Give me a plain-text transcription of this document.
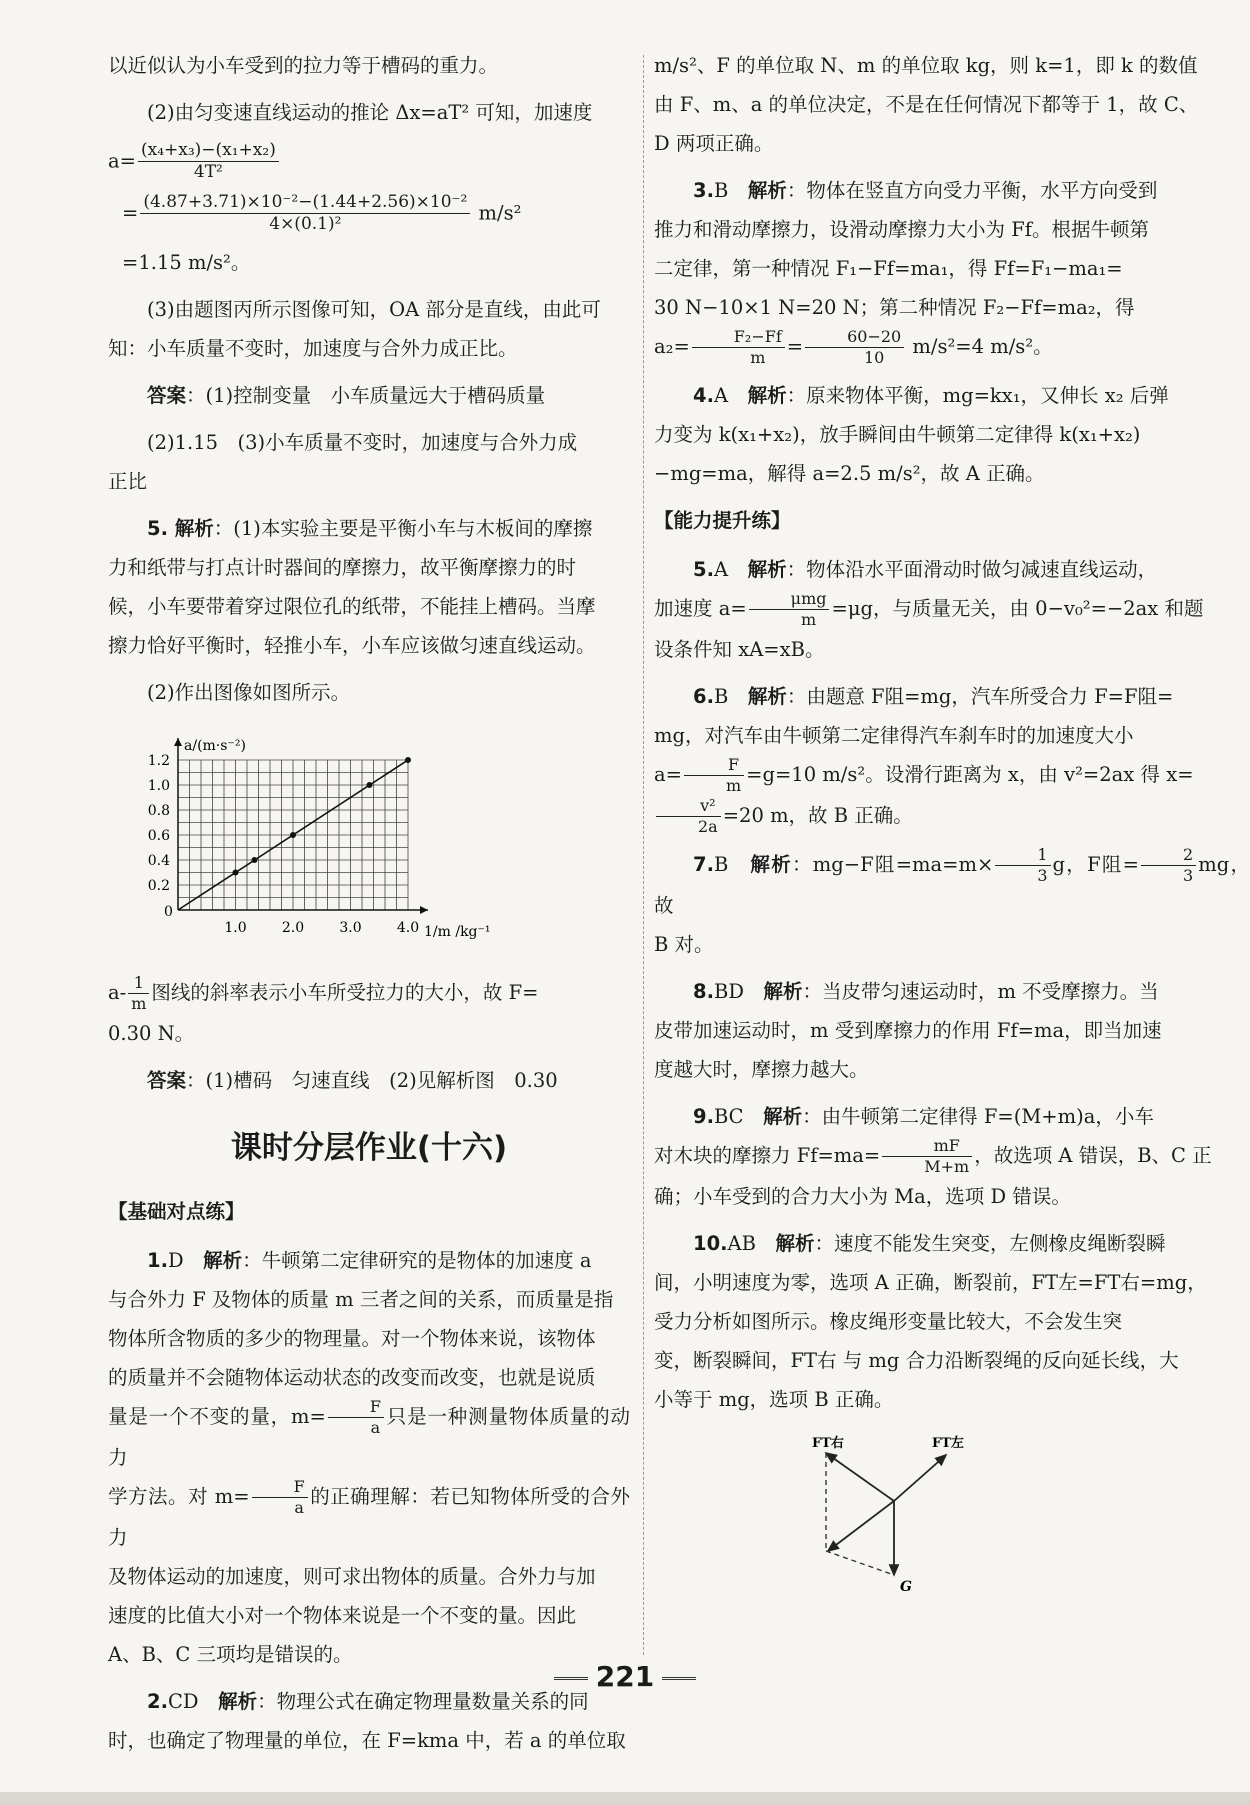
以近似认为小车受到的拉力等于槽码的重力。

(2)由匀变速直线运动的推论 Δx=aT² 可知，加速度

$a= \frac{\text{(x₄+x₃)−(x₁+x₂)}}{\text{4T²}}$

= $\frac{\text{(4.87+3.71)×10⁻²−(1.44+2.56)×10⁻²}}{\text{4×(0.1)²}} m/s^2$

=1.15 m/s²。

(3)由题图丙所示图像可知，OA 部分是直线，由此可
知：小车质量不变时，加速度与合外力成正比。

答案：(1)控制变量　小车质量远大于槽码质量

(2)1.15　(3)小车质量不变时，加速度与合外力成

正比

5. 解析：(1)本实验主要是平衡小车与木板间的摩擦
力和纸带与打点计时器间的摩擦力，故平衡摩擦力的时
候，小车要带着穿过限位孔的纸带，不能挂上槽码。当摩
擦力恰好平衡时，轻推小车，小车应该做匀速直线运动。

(2)作出图像如图所示。

a/(m·s⁻²)
1/m /kg⁻¹
0
0.2
0.4
0.6
0.8
1.0
1.2
1.0	2.0	3.0	4.0

$a- \frac{1}{m}$ 图线的斜率表示小车所受拉力的大小，故 F=
0.30 N。

答案：(1)槽码　匀速直线　(2)见解析图　0.30

课时分层作业(十六)
【基础对点练】

1.D　 解析：牛顿第二定律研究的是物体的加速度 a
与合外力 F 及物体的质量 m 三者之间的关系，而质量是指
物体所含物质的多少的物理量。对一个物体来说，该物体
的质量并不会随物体运动状态的改变而改变，也就是说质
量是一个不变的量，$m= \frac{F}{a}$ 只是一种测量物体质量的动力
学方法。对 $m= \frac{F}{a}$ 的正确理解：若已知物体所受的合外力
及物体运动的加速度，则可求出物体的质量。合外力与加
速度的比值大小对一个物体来说是一个不变的量。因此
A、B、C 三项均是错误的。

2.CD　 解析：物理公式在确定物理量数量关系的同
时，也确定了物理量的单位，在 F=kma 中，若 a 的单位取

m/s²、F 的单位取 N、m 的单位取 kg，则 k=1，即 k 的数值
由 F、m、a 的单位决定，不是在任何情况下都等于 1，故 C、
D 两项正确。

3.B　 解析：物体在竖直方向受力平衡，水平方向受到
推力和滑动摩擦力，设滑动摩擦力大小为 Ff。根据牛顿第
二定律，第一种情况 F₁−Ff=ma₁，得 Ff=F₁−ma₁=
30 N−10×1 N=20 N；第二种情况 F₂−Ff=ma₂，得
$a_2= \frac{\text{F₂−Ff}}{m} = \frac{60-20}{10} m/s^2=4$ m/s²。

4.A　 解析：原来物体平衡，mg=kx₁，又伸长 x₂ 后弹
力变为 k(x₁+x₂)，放手瞬间由牛顿第二定律得 k(x₁+x₂)
−mg=ma，解得 a=2.5 m/s²，故 A 正确。

【能力提升练】

5.A　 解析：物体沿水平面滑动时做匀减速直线运动，
加速度 $a= \frac{\text{μmg}}{m} =\mu g$，与质量无关，由 0−v₀²=−2ax 和题
设条件知 xA=xB。

6.B　 解析：由题意 F阻=mg，汽车所受合力 F=F阻=
mg，对汽车由牛顿第二定律得汽车刹车时的加速度大小
$a= \frac{F}{m} =g=10$ m/s²。设滑行距离为 x，由 v²=2ax 得 x=

$\frac{\text{v²}}{2a} =20$ m，故 B 正确。

7.B　 解析：mg−F阻$=ma=m\times \frac{1}{3}$ g，F阻= $\frac{2}{3}$ mg，故
B 对。

8.BD　 解析：当皮带匀速运动时，m 不受摩擦力。当
皮带加速运动时，m 受到摩擦力的作用 Ff=ma，即当加速
度越大时，摩擦力越大。

9.BC　 解析：由牛顿第二定律得 F=(M+m)a，小车
对木块的摩擦力 $Ff=ma= \frac{mF}{M+m}$ ，故选项 A 错误，B、C 正
确；小车受到的合力大小为 Ma，选项 D 错误。

10.AB　 解析：速度不能发生突变，左侧橡皮绳断裂瞬
间，小明速度为零，选项 A 正确，断裂前，FT左=FT右=mg，
受力分析如图所示。橡皮绳形变量比较大，不会发生突
变，断裂瞬间，FT右 与 mg 合力沿断裂绳的反向延长线，大
小等于 mg，选项 B 正确。

FT右	FT左
G
221
